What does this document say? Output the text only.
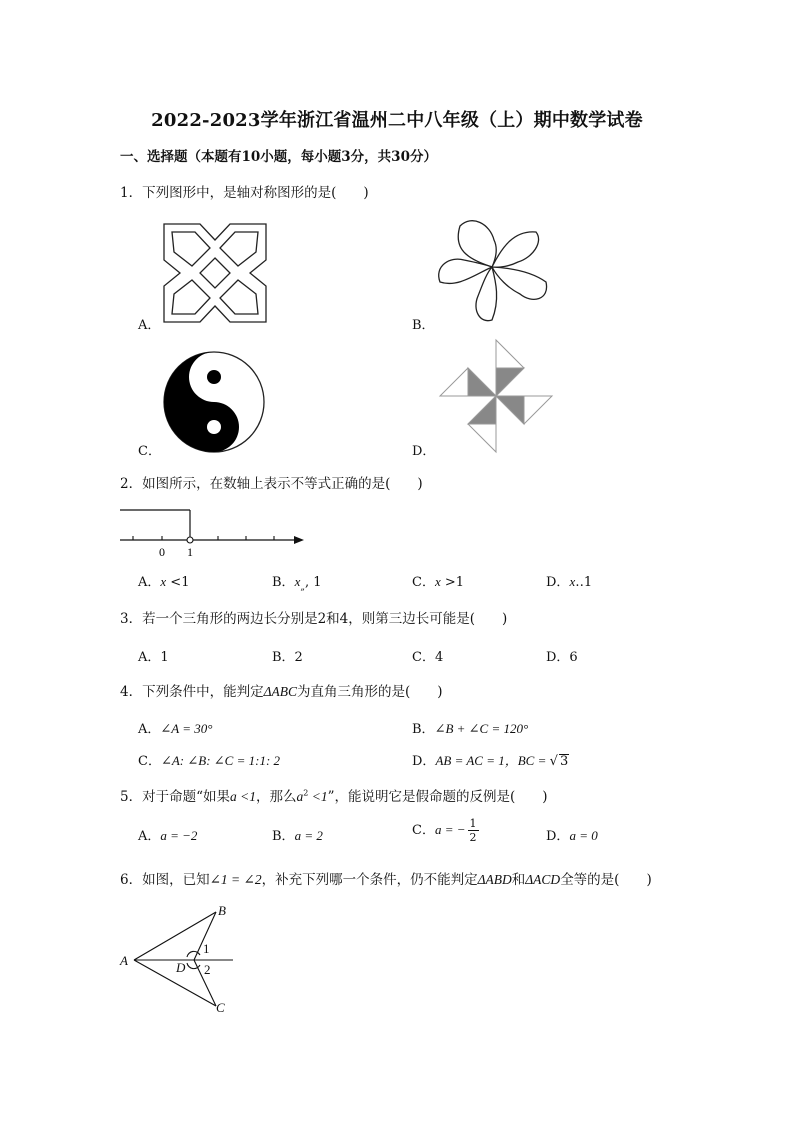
2022-2023学年浙江省温州二中八年级（上）期中数学试卷
一、选择题（本题有10小题，每小题3分，共30分）
1．下列图形中，是轴对称图形的是(　　)
A．	B．
C．	D．
2．如图所示，在数轴上表示不等式正确的是(　　)
0 1
A．x <1	B．$x_„$, 1	C．x >1	D．x‥1
3．若一个三角形的两边长分别是2和4，则第三边长可能是(　　)
A．1	B．2	C．4	D．6
4．下列条件中，能判定ΔABC为直角三角形的是(　　)
A．∠A = 30°	B．∠B + ∠C = 120°
C．∠A: ∠B: ∠C = 1:1: 2	D．AB = AC = 1，BC = √ 3
5．对于命题“如果a <1，那么$a^2 <1$”，能说明它是假命题的反例是(　　)
A．a = −2	B．a = 2	C．a = − $\frac{1}{2}$	D．a = 0
6．如图，已知∠1 = ∠2，补充下列哪一个条件，仍不能判定ΔABD和ΔACD全等的是(　　)
A
B
C
D
1
2
